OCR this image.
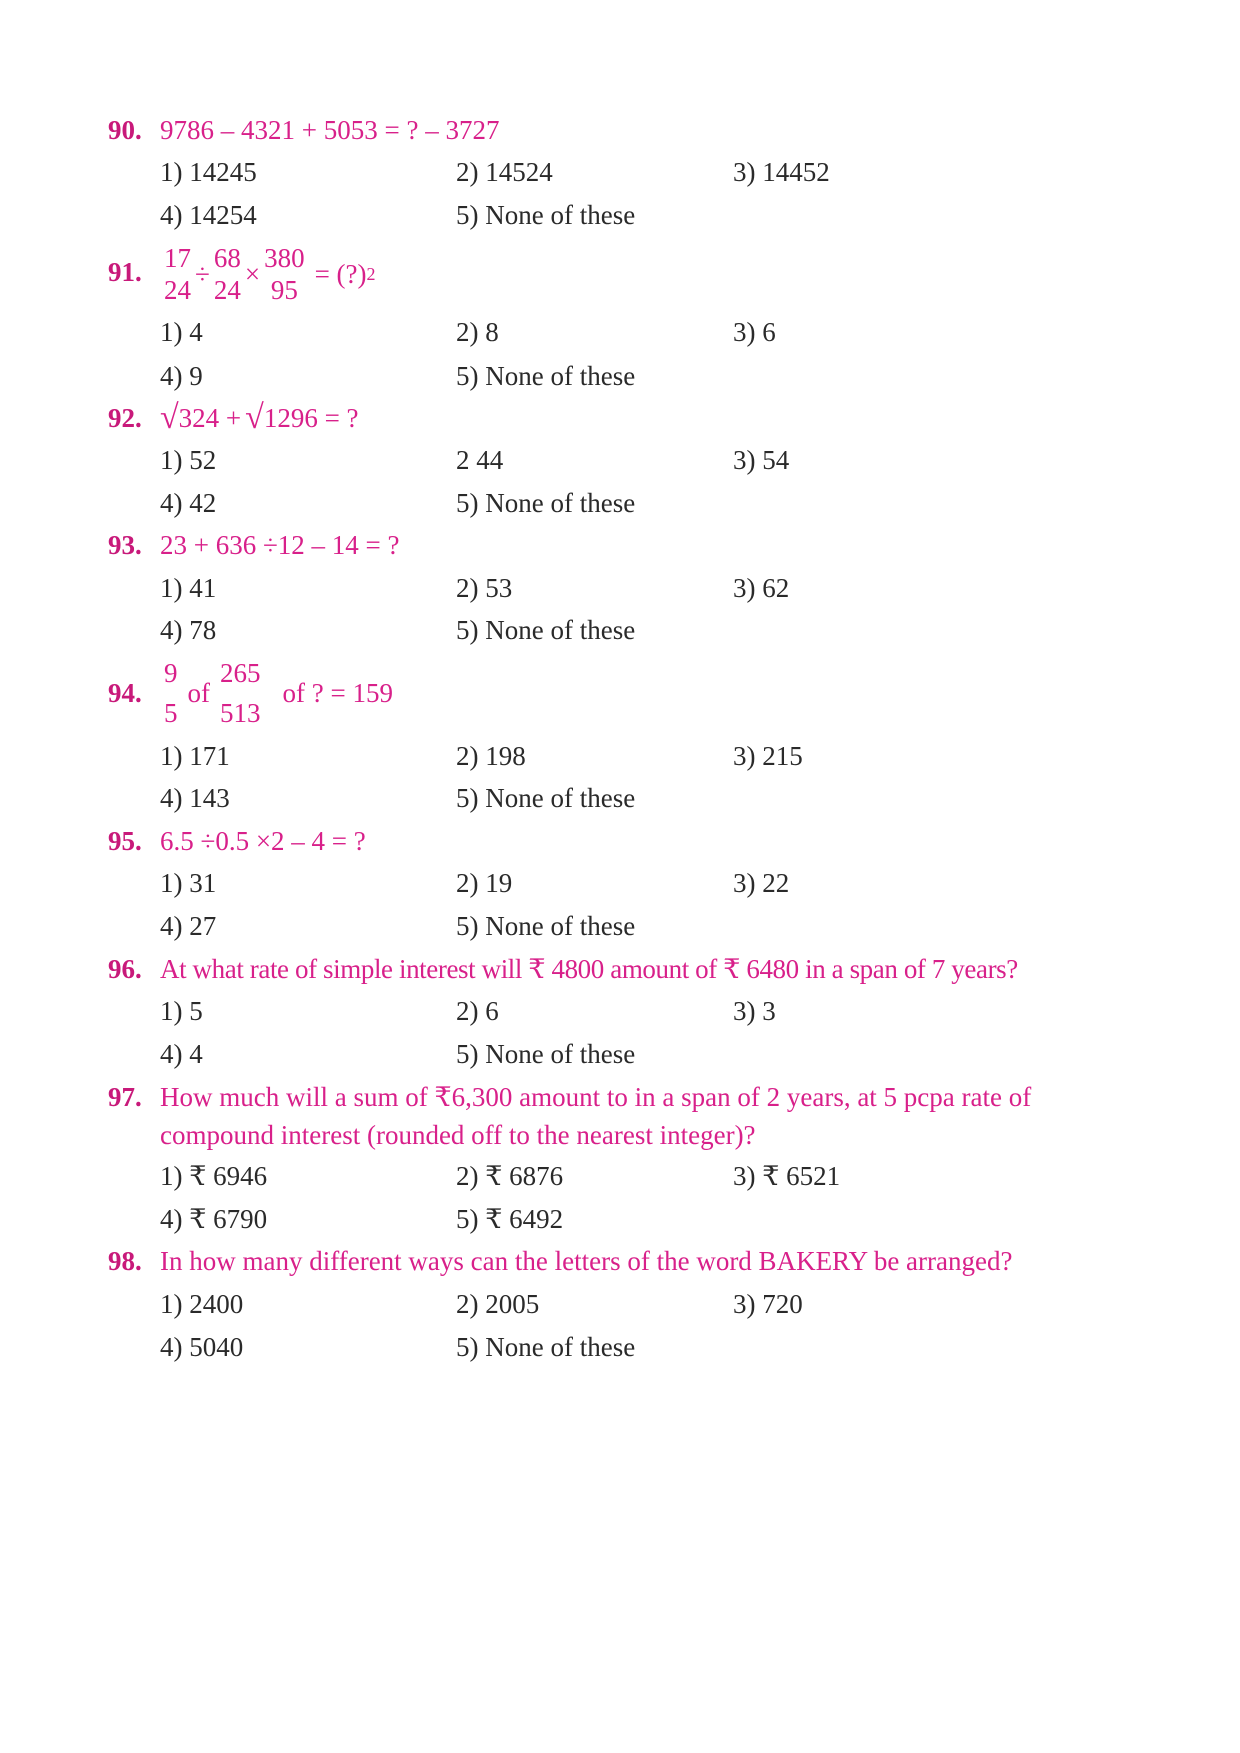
90. 9786 – 4321 + 5053 = ? – 3727
1) 14245	2) 14524	3) 14452
4) 14254	5) None of these
91. 17
24
÷
68
24
×
380
95
= (?) 2
1) 4	2) 8	3) 6
4) 9	5) None of these
92. √ 324 + √ 1296 = ?
1) 52	2 44	3) 54
4) 42	5) None of these
93. 23 + 636 ÷12 – 14 = ?
1) 41	2) 53	3) 62
4) 78	5) None of these
94.
9
5
of
265
513
of ? = 159
1) 171	2) 198	3) 215
4) 143	5) None of these
95. 6.5 ÷0.5 ×2 – 4 = ?
1) 31	2) 19	3) 22
4) 27	5) None of these
96. At what rate of simple interest will ₹ 4800 amount of ₹ 6480 in a span of 7 years?
1) 5	2) 6	3) 3
4) 4	5) None of these
97. How much will a sum of ₹6,300 amount to in a span of 2 years, at 5 pcpa rate of
compound interest (rounded off to the nearest integer)?
1) ₹ 6946	2) ₹ 6876	3) ₹ 6521
4) ₹ 6790	5) ₹ 6492
98. In how many different ways can the letters of the word BAKERY be arranged?
1) 2400	2) 2005	3) 720
4) 5040	5) None of these
